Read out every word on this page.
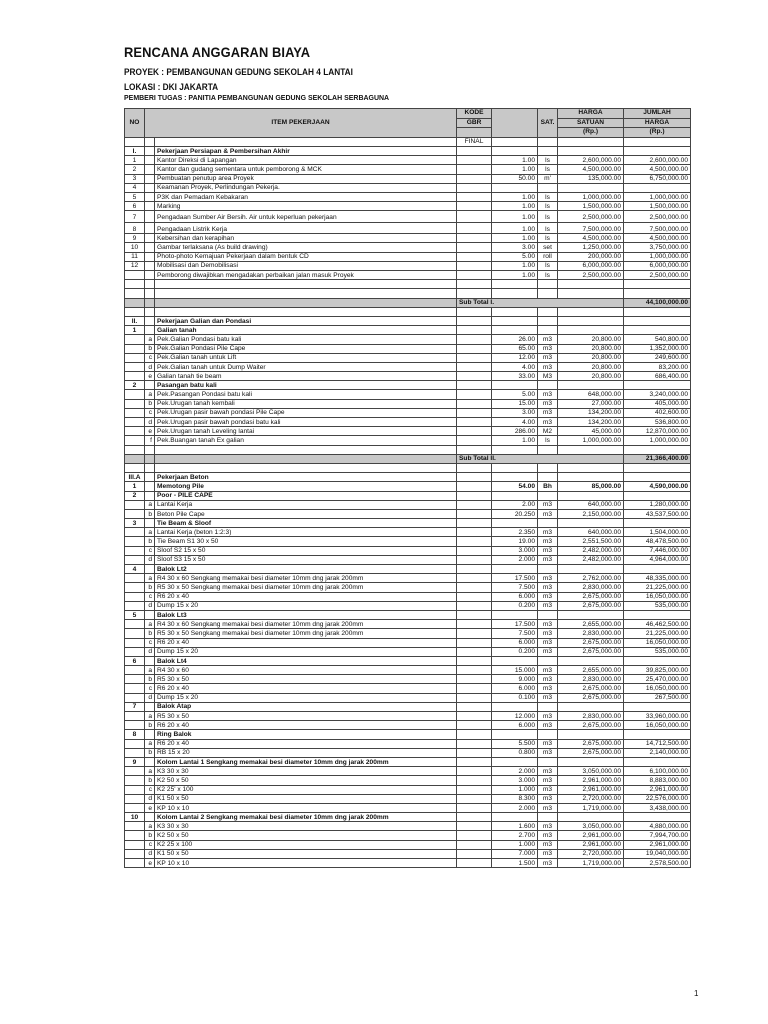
RENCANA ANGGARAN BIAYA
PROYEK : PEMBANGUNAN GEDUNG SEKOLAH 4 LANTAI
LOKASI : DKI JAKARTA
PEMBERI TUGAS : PANITIA PEMBANGUNAN GEDUNG SEKOLAH SERBAGUNA
NO	ITEM PEKERJAAN		KODE		SAT.	HARGA	JUMLAH
			GBR			SATUAN	HARGA
						(Rp.)	(Rp.)
			FINAL				
I.		Pekerjaan Persiapan & Pembersihan Akhir					
1		Kantor Direksi di Lapangan		1.00	ls	2,600,000.00	2,600,000.00
2		Kantor dan gudang sementara untuk pemborong & MCK		1.00	ls	4,500,000.00	4,500,000.00
3		Pembuatan penutup area Proyek		50.00	m'	135,000.00	6,750,000.00
4		Keamanan Proyek, Perlindungan Pekerja.					
5		P3K dan Pemadam Kebakaran		1.00	ls	1,000,000.00	1,000,000.00
6		Marking		1.00	ls	1,500,000.00	1,500,000.00
7		Pengadaan Sumber Air Bersih. Air untuk keperluan pekerjaan		1.00	ls	2,500,000.00	2,500,000.00
8		Pengadaan Listrik Kerja		1.00	ls	7,500,000.00	7,500,000.00
9		Kebersihan dan kerapihan		1.00	ls	4,500,000.00	4,500,000.00
10		Gambar terlaksana (As build drawing)		3.00	set	1,250,000.00	3,750,000.00
11		Photo-photo Kemajuan Pekerjaan dalam bentuk CD		5.00	roll	200,000.00	1,000,000.00
12		Mobilisasi dan Demobilisasi		1.00	ls	6,000,000.00	6,000,000.00
		Pemborong diwajibkan mengadakan perbaikan jalan masuk Proyek		1.00	ls	2,500,000.00	2,500,000.00

			Sub Total I.				44,100,000.00

II.		Pekerjaan Galian dan Pondasi					
1		Galian tanah					
	a	Pek.Galian Pondasi batu kali		26.00	m3	20,800.00	540,800.00
	b	Pek.Galian Pondasi Pile Cape		65.00	m3	20,800.00	1,352,000.00
	c	Pek.Galian tanah untuk Lift		12.00	m3	20,800.00	249,600.00
	d	Pek.Galian tanah untuk Dump Waiter		4.00	m3	20,800.00	83,200.00
	e	Galian tanah tie beam		33.00	M3	20,800.00	686,400.00
2		Pasangan batu kali					
	a	Pek.Pasangan Pondasi batu kali		5.00	m3	648,000.00	3,240,000.00
	b	Pek.Urugan tanah kembali		15.00	m3	27,000.00	405,000.00
	c	Pek.Urugan pasir bawah pondasi Pile Cape		3.00	m3	134,200.00	402,600.00
	d	Pek.Urugan pasir bawah pondasi batu kali		4.00	m3	134,200.00	536,800.00
	e	Pek.Urugan tanah Leveling lantai		286.00	M2	45,000.00	12,870,000.00
	f	Pek.Buangan tanah Ex galian		1.00	ls	1,000,000.00	1,000,000.00

			Sub Total II.				21,366,400.00

III.A		Pekerjaan Beton					
1		Memotong Pile		54.00	Bh	85,000.00	4,590,000.00
2		Poor - PILE CAPE					
	a	Lantai Kerja		2.00	m3	640,000.00	1,280,000.00
	b	Beton Pile Cape		20.250	m3	2,150,000.00	43,537,500.00
3		Tie Beam & Sloof					
	a	Lantai Kerja (beton 1:2:3)		2.350	m3	640,000.00	1,504,000.00
	b	Tie Beam S1 30 x 50		19.00	m3	2,551,500.00	48,478,500.00
	c	Sloof S2 15 x 50		3.000	m3	2,482,000.00	7,446,000.00
	d	Sloof S3 15 x 50		2.000	m3	2,482,000.00	4,964,000.00
4		Balok Lt2					
	a	R4 30 x 60 Sengkang memakai besi diameter 10mm dng jarak 200mm		17.500	m3	2,762,000.00	48,335,000.00
	b	R5 30 x 50 Sengkang memakai besi diameter 10mm dng jarak 200mm		7.500	m3	2,830,000.00	21,225,000.00
	c	R6 20 x 40		6.000	m3	2,675,000.00	16,050,000.00
	d	Dump 15 x 20		0.200	m3	2,675,000.00	535,000.00
5		Balok Lt3					
	a	R4 30 x 60 Sengkang memakai besi diameter 10mm dng jarak 200mm		17.500	m3	2,655,000.00	46,462,500.00
	b	R5 30 x 50 Sengkang memakai besi diameter 10mm dng jarak 200mm		7.500	m3	2,830,000.00	21,225,000.00
	c	R6 20 x 40		6.000	m3	2,675,000.00	16,050,000.00
	d	Dump 15 x 20		0.200	m3	2,675,000.00	535,000.00
6		Balok Lt4					
	a	R4 30 x 60		15.000	m3	2,655,000.00	39,825,000.00
	b	R5 30 x 50		9.000	m3	2,830,000.00	25,470,000.00
	c	R6 20 x 40		6.000	m3	2,675,000.00	16,050,000.00
	d	Dump 15 x 20		0.100	m3	2,675,000.00	267,500.00
7		Balok Atap					
	a	R5 30 x 50		12.000	m3	2,830,000.00	33,960,000.00
	b	R6 20 x 40		6.000	m3	2,675,000.00	16,050,000.00
8		Ring Balok					
	a	R6 20 x 40		5.500	m3	2,675,000.00	14,712,500.00
	b	RB 15 x 20		0.800	m3	2,675,000.00	2,140,000.00
9		Kolom Lantai 1 Sengkang memakai besi diameter 10mm dng jarak 200mm					
	a	K3 30 x 30		2.000	m3	3,050,000.00	6,100,000.00
	b	K2 50 x 50		3.000	m3	2,961,000.00	8,883,000.00
	c	K2 25' x 100		1.000	m3	2,961,000.00	2,961,000.00
	d	K1 50 x 50		8.300	m3	2,720,000.00	22,576,000.00
	e	KP 10 x 10		2.000	m3	1,719,000.00	3,438,000.00
10		Kolom Lantai 2 Sengkang memakai besi diameter 10mm dng jarak 200mm					
	a	K3 30 x 30		1.600	m3	3,050,000.00	4,880,000.00
	b	K2 50 x 50		2.700	m3	2,961,000.00	7,994,700.00
	c	K2 25 x 100		1.000	m3	2,961,000.00	2,961,000.00
	d	K1 50 x 50		7.000	m3	2,720,000.00	19,040,000.00
	e	KP 10 x 10		1.500	m3	1,719,000.00	2,578,500.00
1
